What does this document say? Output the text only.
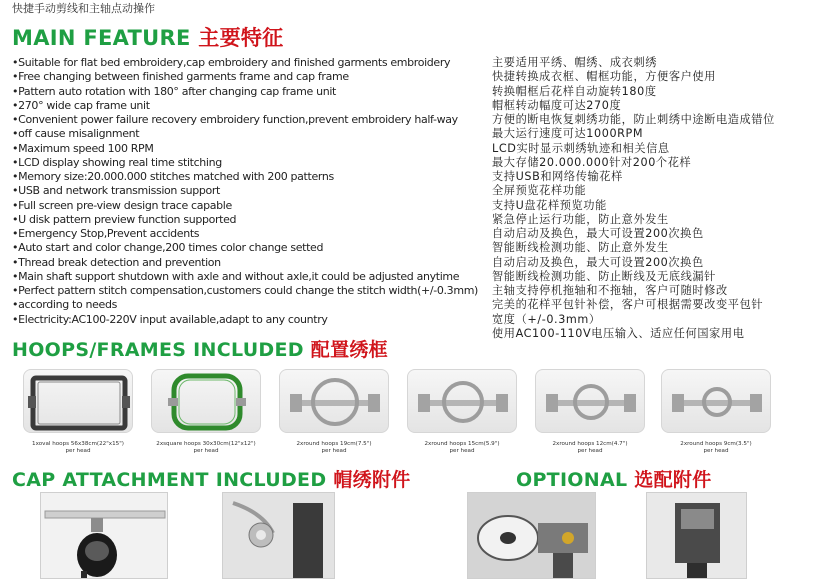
快捷手动剪线和主轴点动操作
MAIN FEATURE 主要特征
•Suitable for flat bed embroidery,cap embroidery and finished garments embroidery
•Free changing between finished garments frame and cap frame
•Pattern auto rotation with 180° after changing cap frame unit
•270° wide cap frame unit
•Convenient power failure recovery embroidery function,prevent embroidery half-way
•off cause misalignment
•Maximum speed 100 RPM
•LCD display showing real time stitching
•Memory size:20.000.000 stitches matched with 200 patterns
•USB and network transmission support
•Full screen pre-view design trace capable
•U disk pattern preview function supported
•Emergency Stop,Prevent accidents
•Auto start and color change,200 times color change setted
•Thread break detection and prevention
•Main shaft support shutdown with axle and without axle,it could be adjusted anytime
•Perfect pattern stitch compensation,customers could change the stitch width(+/-0.3mm)
•according to needs
•Electricity:AC100-220V input available,adapt to any country
主要适用平绣、帽绣、成衣刺绣
快捷转换成衣框、帽框功能，方便客户使用
转换帽框后花样自动旋转180度
帽框转动幅度可达270度
方便的断电恢复刺绣功能，防止刺绣中途断电造成错位
最大运行速度可达1000RPM
LCD实时显示刺绣轨迹和相关信息
最大存储20.000.000针对200个花样
支持USB和网络传输花样
全屏预览花样功能
支持U盘花样预览功能
紧急停止运行功能，防止意外发生
自动启动及换色，最大可设置200次换色
智能断线检测功能、防止意外发生
自动启动及换色，最大可设置200次换色
智能断线检测功能、防止断线及无底线漏针
主轴支持停机拖轴和不拖轴，客户可随时修改
完美的花样平包针补偿，客户可根据需要改变平包针
宽度（+/-0.3mm）
使用AC100-110V电压输入、适应任何国家用电
HOOPS/FRAMES INCLUDED 配置绣框
1xoval hoops 56x38cm(22"x15")
per head
2xsquare hoops 30x30cm(12"x12")
per head
2xround hoops 19cm(7.5")
per head
2xround hoops 15cm(5.9")
per head
2xround hoops 12cm(4.7")
per head
2xround hoops 9cm(3.5")
per head
CAP ATTACHMENT INCLUDED 帽绣附件	OPTIONAL 选配附件
